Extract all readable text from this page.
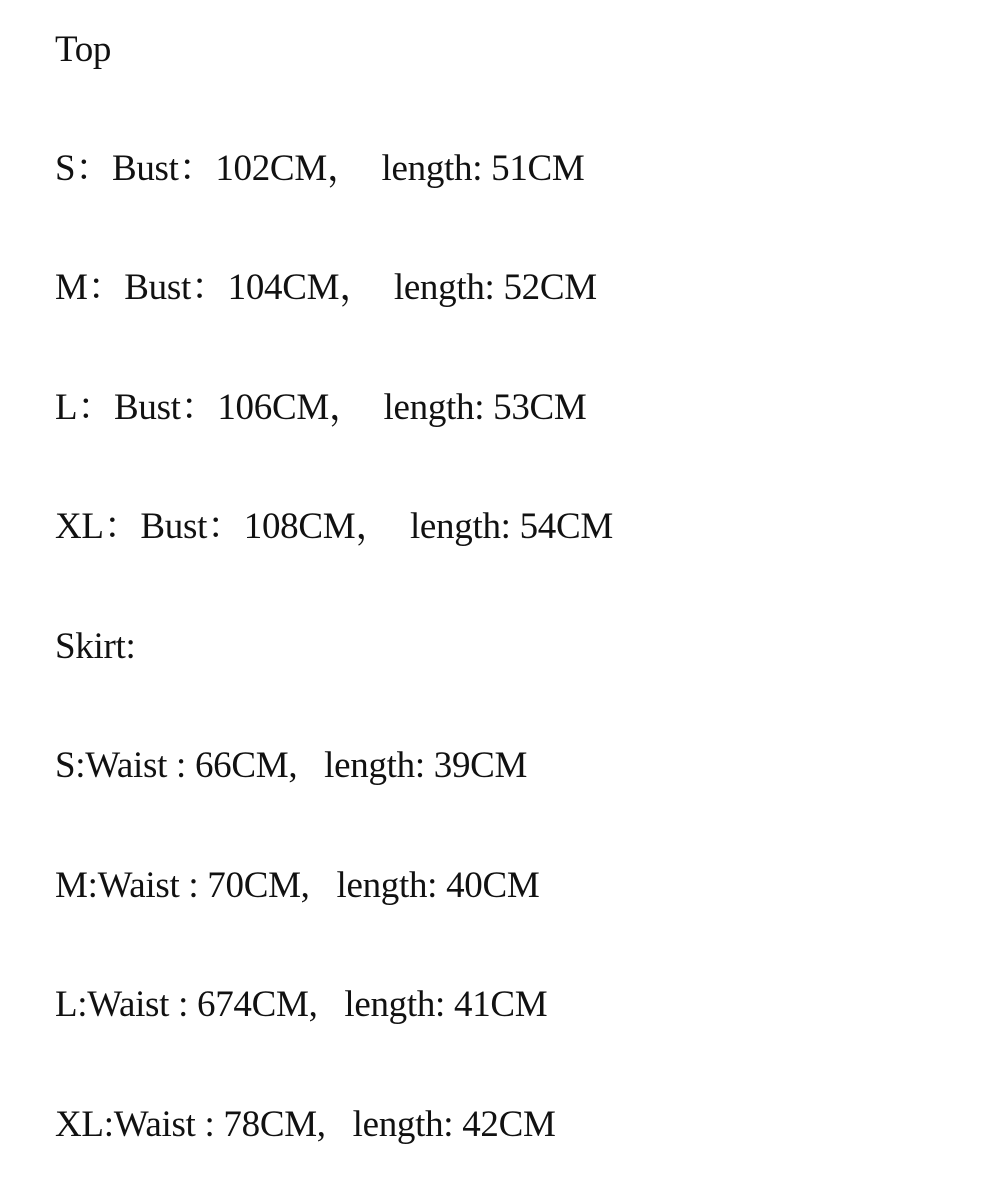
Top
S：Bust：102CM，  length: 51CM
M：Bust：104CM，  length: 52CM
L：Bust：106CM，  length: 53CM
XL：Bust：108CM，  length: 54CM
Skirt:
S:Waist : 66CM,   length: 39CM
M:Waist : 70CM,   length: 40CM
L:Waist : 674CM,   length: 41CM
XL:Waist : 78CM,   length: 42CM
